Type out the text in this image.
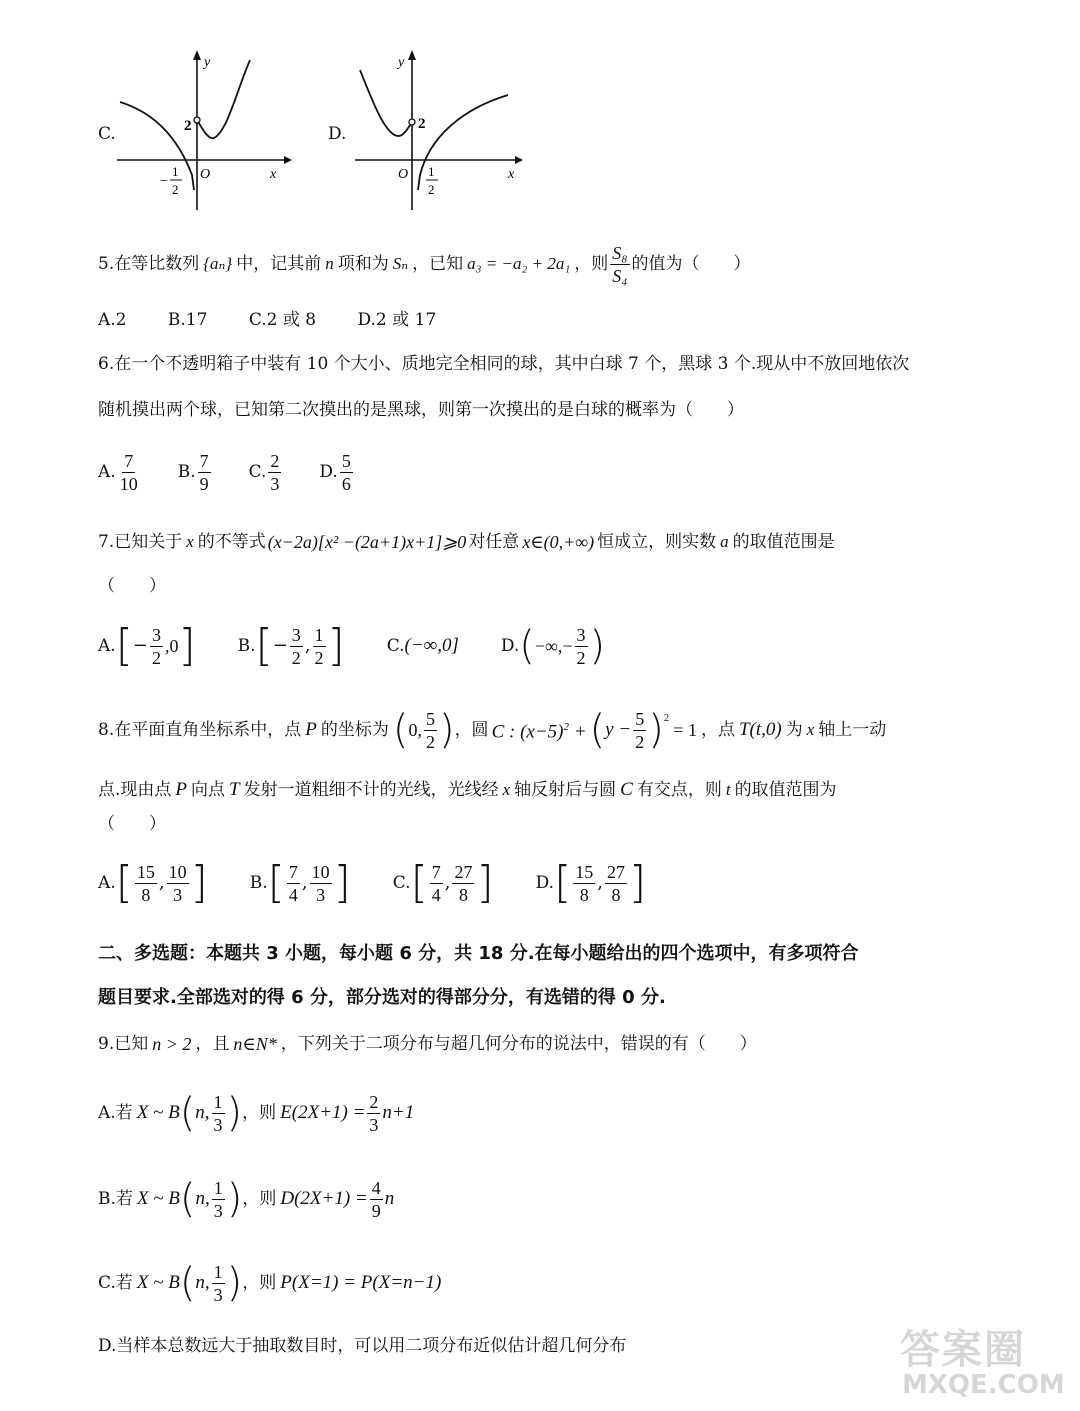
C.
y
x
O
2
−
1
2
D.
y
x
O
2
1
2
5.在等比数列 {aₙ} 中，记其前 n 项和为 Sₙ ，已知 a₃ = −a₂ + 2a₁ ，则 $\frac{\text{S₈}}{\text{S₄}}$ 的值为（　　）
A.2 B.17 C.2 或 8 D.2 或 17
6.在一个不透明箱子中装有 10 个大小、质地完全相同的球，其中白球 7 个，黑球 3 个.现从中不放回地依次
随机摸出两个球，已知第二次摸出的是黑球，则第一次摸出的是白球的概率为（　　）
A. $\frac{7}{10} B$. $\frac{7}{9} C$. $\frac{2}{3} D$. $\frac{5}{6}$
7.已知关于 x 的不等式 (x−2a)[x² −(2a+1)x+1]⩾0 对任意 x∈(0,+∞) 恒成立，则实数 a 的取值范围是
（　　）
A. [ − $\frac{3}{2} ,0$ ] B. [ − $\frac{3}{2}$ , $\frac{1}{2}$ ] C. (−∞,0] D. ( −∞,− $\frac{3}{2}$ )
8.在平面直角坐标系中，点 P 的坐标为 ( 0, $\frac{5}{2}$ ) ，圆 C : $(x-5)^2$ + ( $y - \frac{5}{2} )^2$
= 1 ，点 T(t,0) 为 x 轴上一动
点.现由点 P 向点 T 发射一道粗细不计的光线，光线经 x 轴反射后与圆 C 有交点，则 t 的取值范围为
（　　）
A. [ $\frac{15}{8}$ , $\frac{10}{3}$ ] B. [ $\frac{7}{4}$ , $\frac{10}{3}$ ] C. [ $\frac{7}{4}$ , $\frac{27}{8}$ ] D. [ $\frac{15}{8}$ , $\frac{27}{8}$ ]
二、多选题：本题共 3 小题，每小题 6 分，共 18 分.在每小题给出的四个选项中，有多项符合
题目要求.全部选对的得 6 分，部分选对的得部分分，有选错的得 0 分.
9.已知 n > 2 ，且 n∈N* ，下列关于二项分布与超几何分布的说法中，错误的有（　　）
A.若 X ~ B ( n, $\frac{1}{3}$ ) ，则 $E(2X+1) = \frac{2}{3} n+1$
B.若 X ~ B ( n, $\frac{1}{3}$ ) ，则 $D(2X+1) = \frac{4}{9}$ n
C.若 X ~ B ( n, $\frac{1}{3}$ ) ，则 P(X=1) = P(X=n−1)
D.当样本总数远大于抽取数目时，可以用二项分布近似估计超几何分布	答案圈
MXQE.COM
